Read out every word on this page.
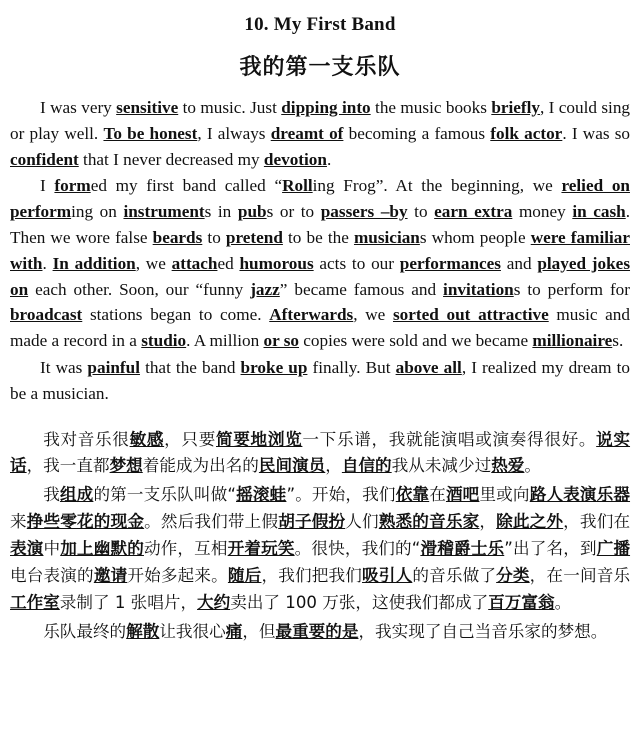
10. My First Band
我的第一支乐队

I was very sensitive to music. Just dipping into the music books briefly, I could sing or play well. To be honest, I always dreamt of becoming a famous folk actor. I was so confident that I never decreased my devotion.

I formed my first band called “Rolling Frog”. At the beginning, we relied on performing on instruments in pubs or to passers –by to earn extra money in cash. Then we wore false beards to pretend to be the musicians whom people were familiar with. In addition, we attached humorous acts to our performances and played jokes on each other. Soon, our “funny jazz” became famous and invitations to perform for broadcast stations began to come. Afterwards, we sorted out attractive music and made a record in a studio. A million or so copies were sold and we became millionaires.

It was painful that the band broke up finally. But above all, I realized my dream to be a musician.

我对音乐很敏感，只要简要地浏览一下乐谱，我就能演唱或演奏得很好。说实话，我一直都梦想着能成为出名的民间演员，自信的我从未减少过热爱。

我组成的第一支乐队叫做“摇滚蛙”。开始，我们依靠在酒吧里或向路人表演乐器来挣些零花的现金。然后我们带上假胡子假扮人们熟悉的音乐家，除此之外，我们在表演中加上幽默的动作，互相开着玩笑。很快，我们的“滑稽爵士乐”出了名，到广播电台表演的邀请开始多起来。随后，我们把我们吸引人的音乐做了分类，在一间音乐工作室录制了 1 张唱片，大约卖出了 100 万张，这使我们都成了百万富翁。

乐队最终的解散让我很心痛，但最重要的是，我实现了自己当音乐家的梦想。
